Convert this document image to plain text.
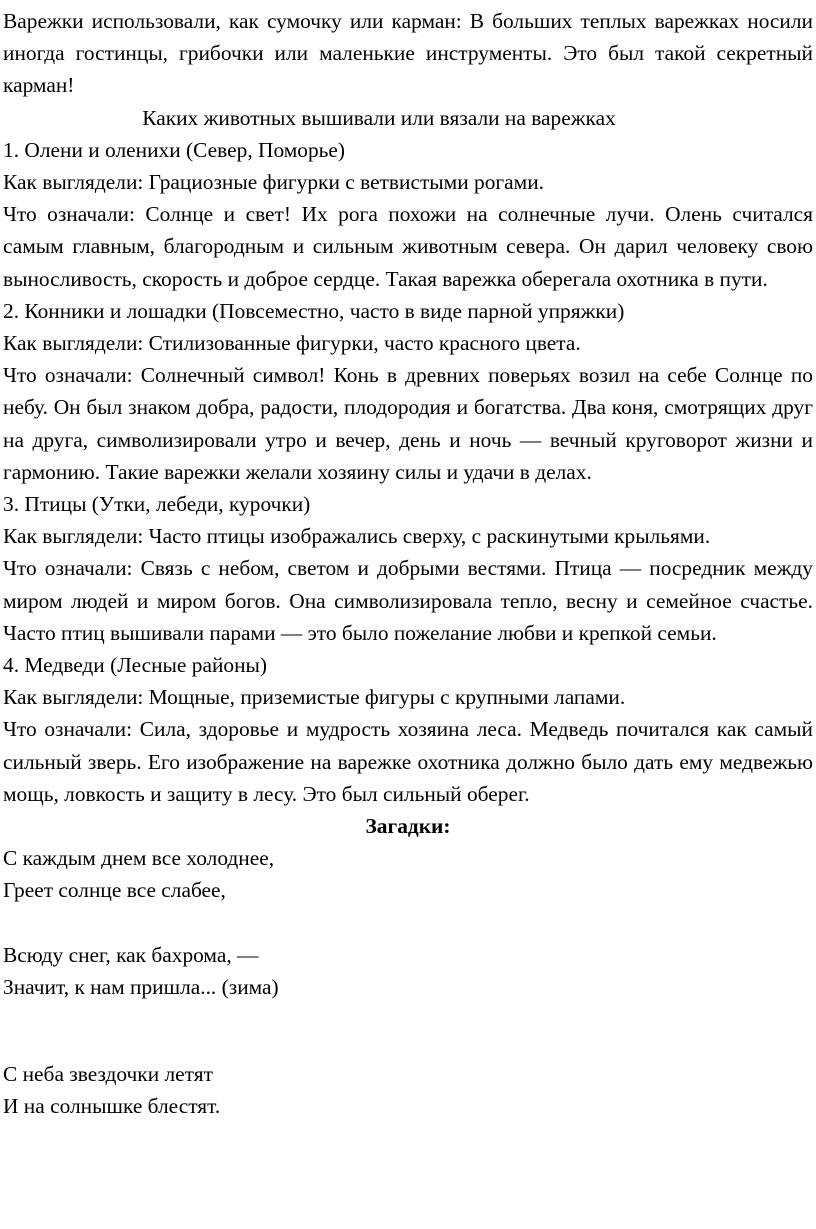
Варежки использовали, как сумочку или карман: В больших теплых варежках носили иногда гостинцы, грибочки или маленькие инструменты. Это был такой секретный карман!

Каких животных вышивали или вязали на варежках

1. Олени и оленихи (Север, Поморье)

Как выглядели: Грациозные фигурки с ветвистыми рогами.

Что означали: Солнце и свет! Их рога похожи на солнечные лучи. Олень считался самым главным, благородным и сильным животным севера. Он дарил человеку свою выносливость, скорость и доброе сердце. Такая варежка оберегала охотника в пути.

2. Конники и лошадки (Повсеместно, часто в виде парной упряжки)

Как выглядели: Стилизованные фигурки, часто красного цвета.

Что означали: Солнечный символ! Конь в древних поверьях возил на себе Солнце по небу. Он был знаком добра, радости, плодородия и богатства. Два коня, смотрящих друг на друга, символизировали утро и вечер, день и ночь — вечный круговорот жизни и гармонию. Такие варежки желали хозяину силы и удачи в делах.

3. Птицы (Утки, лебеди, курочки)

Как выглядели: Часто птицы изображались сверху, с раскинутыми крыльями.

Что означали: Связь с небом, светом и добрыми вестями. Птица — посредник между миром людей и миром богов. Она символизировала тепло, весну и семейное счастье. Часто птиц вышивали парами — это было пожелание любви и крепкой семьи.

4. Медведи (Лесные районы)

Как выглядели: Мощные, приземистые фигуры с крупными лапами.

Что означали: Сила, здоровье и мудрость хозяина леса. Медведь почитался как самый сильный зверь. Его изображение на варежке охотника должно было дать ему медвежью мощь, ловкость и защиту в лесу. Это был сильный оберег.

Загадки:

С каждым днем все холоднее,

Греет солнце все слабее,

Всюду снег, как бахрома, —

Значит, к нам пришла... (зима)

С неба звездочки летят

И на солнышке блестят.
